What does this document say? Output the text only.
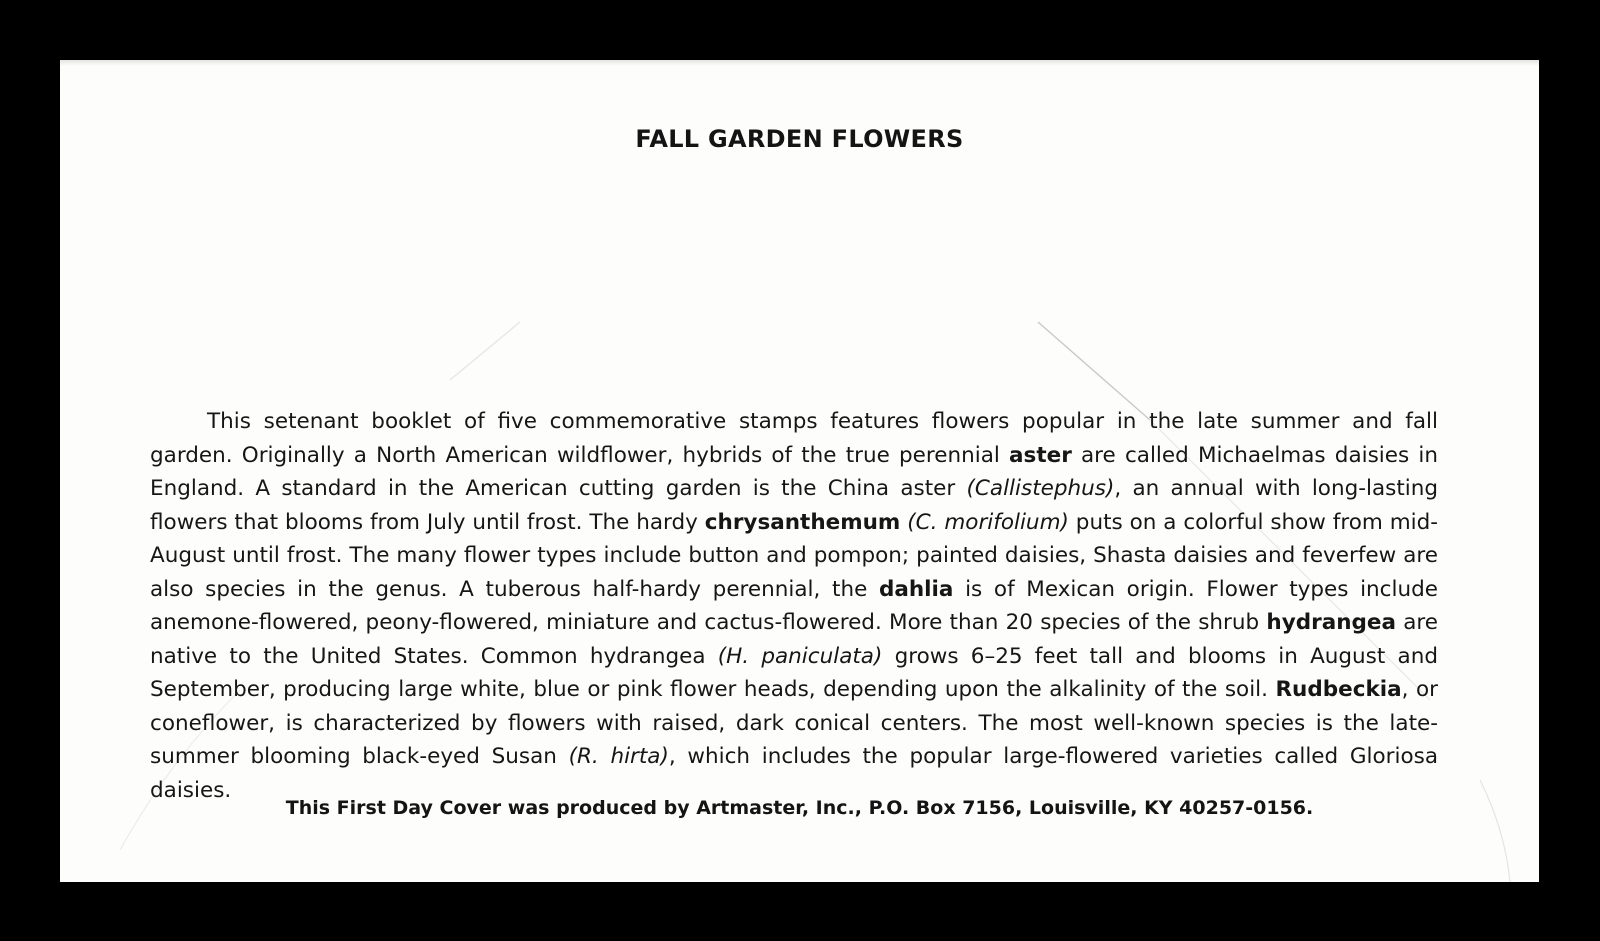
FALL GARDEN FLOWERS

This setenant booklet of five commemorative stamps features flowers popular in the late summer and fall garden. Originally a North American wildflower, hybrids of the true perennial aster are called Michaelmas daisies in England. A standard in the American cutting garden is the China aster (Callistephus), an annual with long-lasting flowers that blooms from July until frost. The hardy chrysanthemum (C. morifolium) puts on a colorful show from mid-August until frost. The many flower types include button and pompon; painted daisies, Shasta daisies and feverfew are also species in the genus. A tuberous half-hardy perennial, the dahlia is of Mexican origin. Flower types include anemone-flowered, peony-flowered, miniature and cactus-flowered. More than 20 species of the shrub hydrangea are native to the United States. Common hydrangea (H. paniculata) grows 6–25 feet tall and blooms in August and September, producing large white, blue or pink flower heads, depending upon the alkalinity of the soil. Rudbeckia, or coneflower, is characterized by flowers with raised, dark conical centers. The most well-known species is the late-summer blooming black-eyed Susan (R. hirta), which includes the popular large-flowered varieties called Gloriosa daisies.

This First Day Cover was produced by Artmaster, Inc., P.O. Box 7156, Louisville, KY 40257-0156.
